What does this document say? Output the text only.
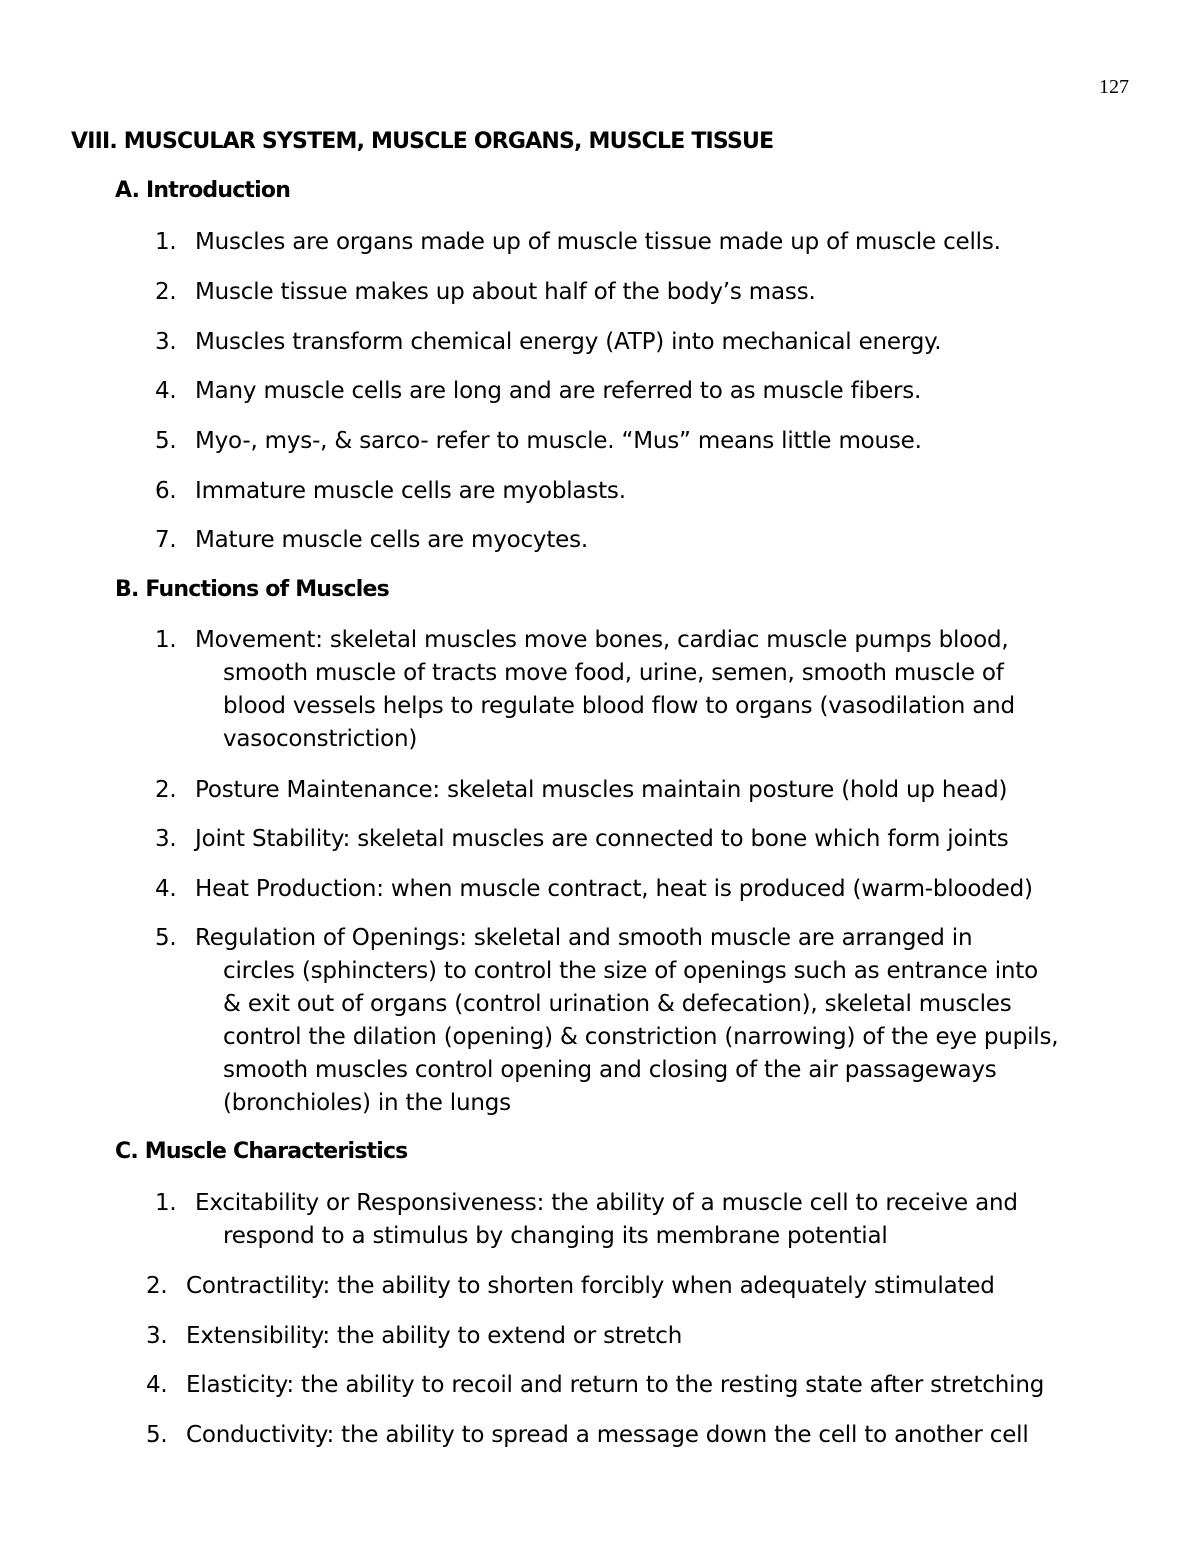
127
VIII. MUSCULAR SYSTEM, MUSCLE ORGANS, MUSCLE TISSUE
A. Introduction
1. Muscles are organs made up of muscle tissue made up of muscle cells.
2. Muscle tissue makes up about half of the body’s mass.
3. Muscles transform chemical energy (ATP) into mechanical energy.
4. Many muscle cells are long and are referred to as muscle fibers.
5. Myo-, mys-, & sarco- refer to muscle. “Mus” means little mouse.
6. Immature muscle cells are myoblasts.
7. Mature muscle cells are myocytes.
B. Functions of Muscles
1. Movement: skeletal muscles move bones, cardiac muscle pumps blood,
smooth muscle of tracts move food, urine, semen, smooth muscle of
blood vessels helps to regulate blood flow to organs (vasodilation and
vasoconstriction)
2. Posture Maintenance: skeletal muscles maintain posture (hold up head)
3. Joint Stability: skeletal muscles are connected to bone which form joints
4. Heat Production: when muscle contract, heat is produced (warm-blooded)
5. Regulation of Openings: skeletal and smooth muscle are arranged in
circles (sphincters) to control the size of openings such as entrance into
& exit out of organs (control urination & defecation), skeletal muscles
control the dilation (opening) & constriction (narrowing) of the eye pupils,
smooth muscles control opening and closing of the air passageways
(bronchioles) in the lungs
C. Muscle Characteristics
1. Excitability or Responsiveness: the ability of a muscle cell to receive and
respond to a stimulus by changing its membrane potential
2. Contractility: the ability to shorten forcibly when adequately stimulated
3. Extensibility: the ability to extend or stretch
4. Elasticity: the ability to recoil and return to the resting state after stretching
5. Conductivity: the ability to spread a message down the cell to another cell
